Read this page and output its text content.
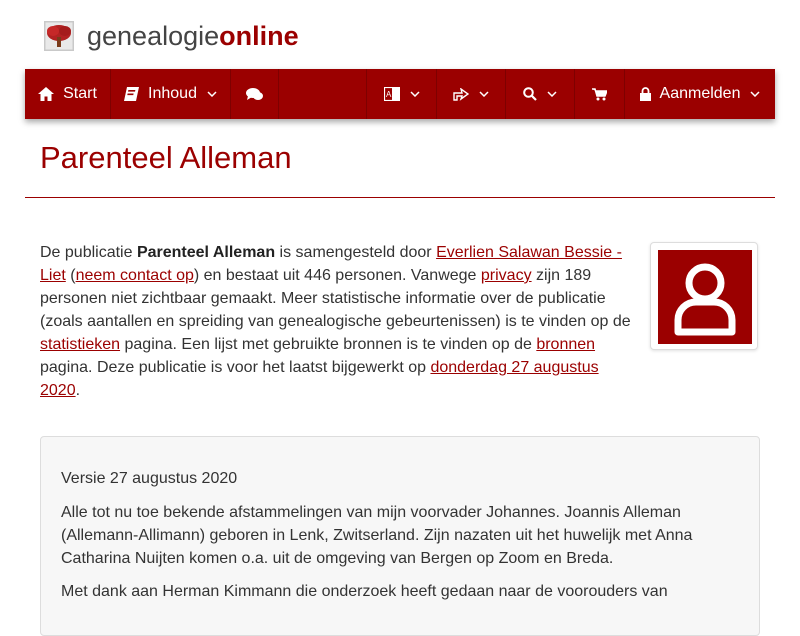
genealogieonline
Start	Inhoud	A	Aanmelden
Parenteel Alleman

De publicatie Parenteel Alleman is samengesteld door Everlien Salawan Bessie - Liet (neem contact op) en bestaat uit 446 personen. Vanwege privacy zijn 189 personen niet zichtbaar gemaakt. Meer statistische informatie over de publicatie (zoals aantallen en spreiding van genealogische gebeurtenissen) is te vinden op de statistieken pagina. Een lijst met gebruikte bronnen is te vinden op de bronnen pagina. Deze publicatie is voor het laatst bijgewerkt op donderdag 27 augustus 2020.

Versie 27 augustus 2020

Alle tot nu toe bekende afstammelingen van mijn voorvader Johannes. Joannis Alleman (Allemann-Allimann) geboren in Lenk, Zwitserland. Zijn nazaten uit het huwelijk met Anna Catharina Nuijten komen o.a. uit de omgeving van Bergen op Zoom en Breda.

Met dank aan Herman Kimmann die onderzoek heeft gedaan naar de voorouders van
